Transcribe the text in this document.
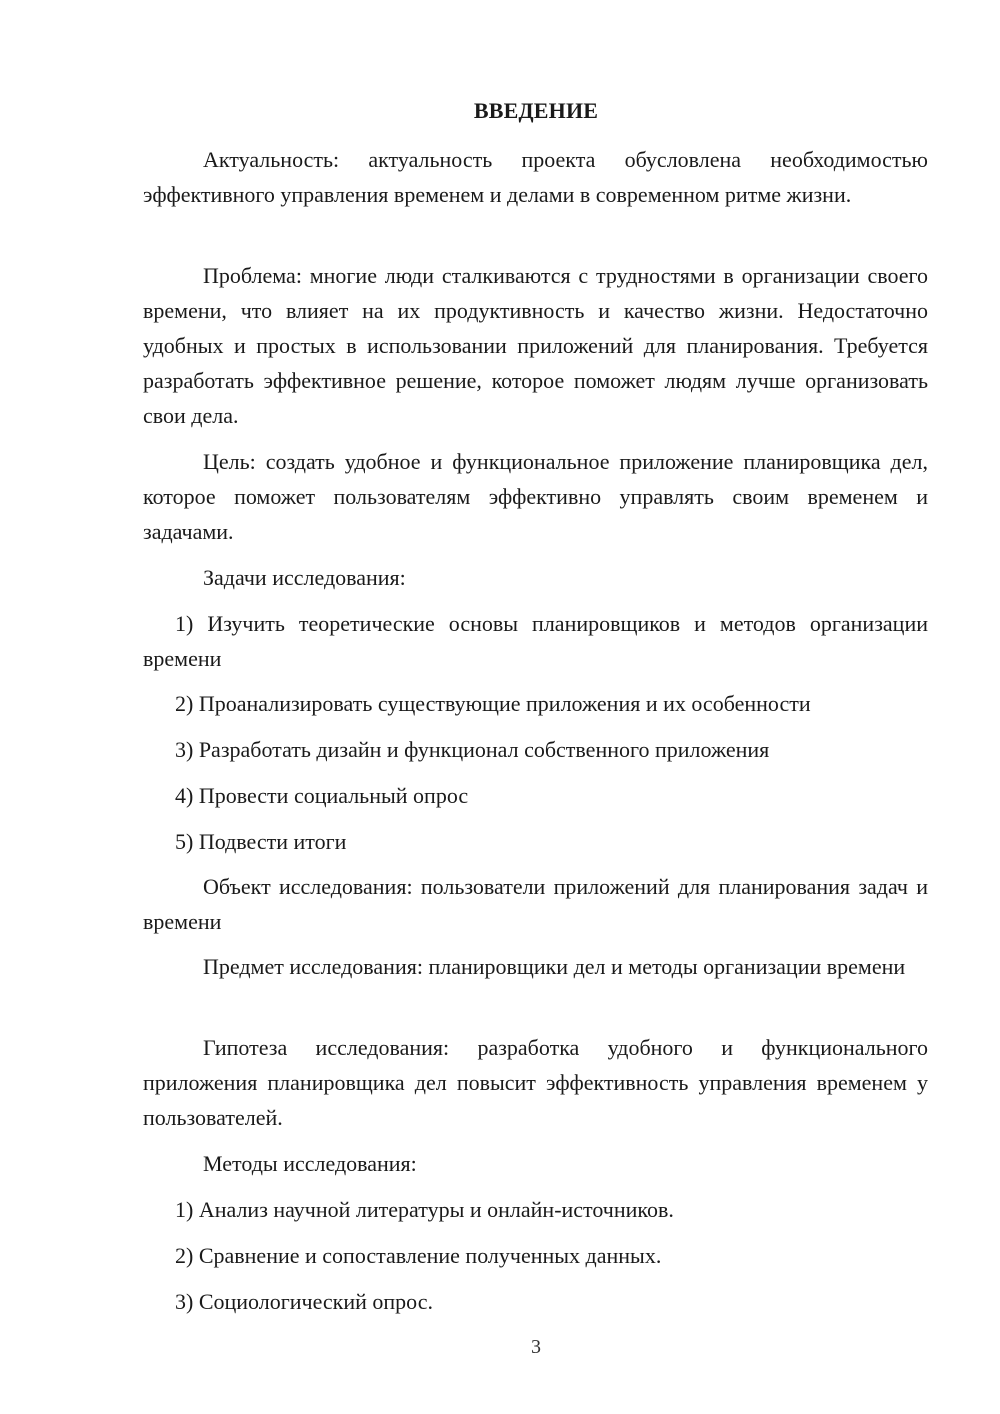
ВВЕДЕНИЕ

Актуальность: актуальность проекта обусловлена необходимостью эффективного управления временем и делами в современном ритме жизни.

Проблема: многие люди сталкиваются с трудностями в организации своего времени, что влияет на их продуктивность и качество жизни. Недостаточно удобных и простых в использовании приложений для планирования. Требуется разработать эффективное решение, которое поможет людям лучше организовать свои дела.

Цель: создать удобное и функциональное приложение планировщика дел, которое поможет пользователям эффективно управлять своим временем и задачами.

Задачи исследования:

1) Изучить теоретические основы планировщиков и методов организации времени

2) Проанализировать существующие приложения и их особенности

3) Разработать дизайн и функционал собственного приложения

4) Провести социальный опрос

5) Подвести итоги

Объект исследования: пользователи приложений для планирования задач и времени

Предмет исследования: планировщики дел и методы организации времени

Гипотеза исследования: разработка удобного и функционального приложения планировщика дел повысит эффективность управления временем у пользователей.

Методы исследования:

1) Анализ научной литературы и онлайн-источников.

2) Сравнение и сопоставление полученных данных.

3) Социологический опрос.

3
